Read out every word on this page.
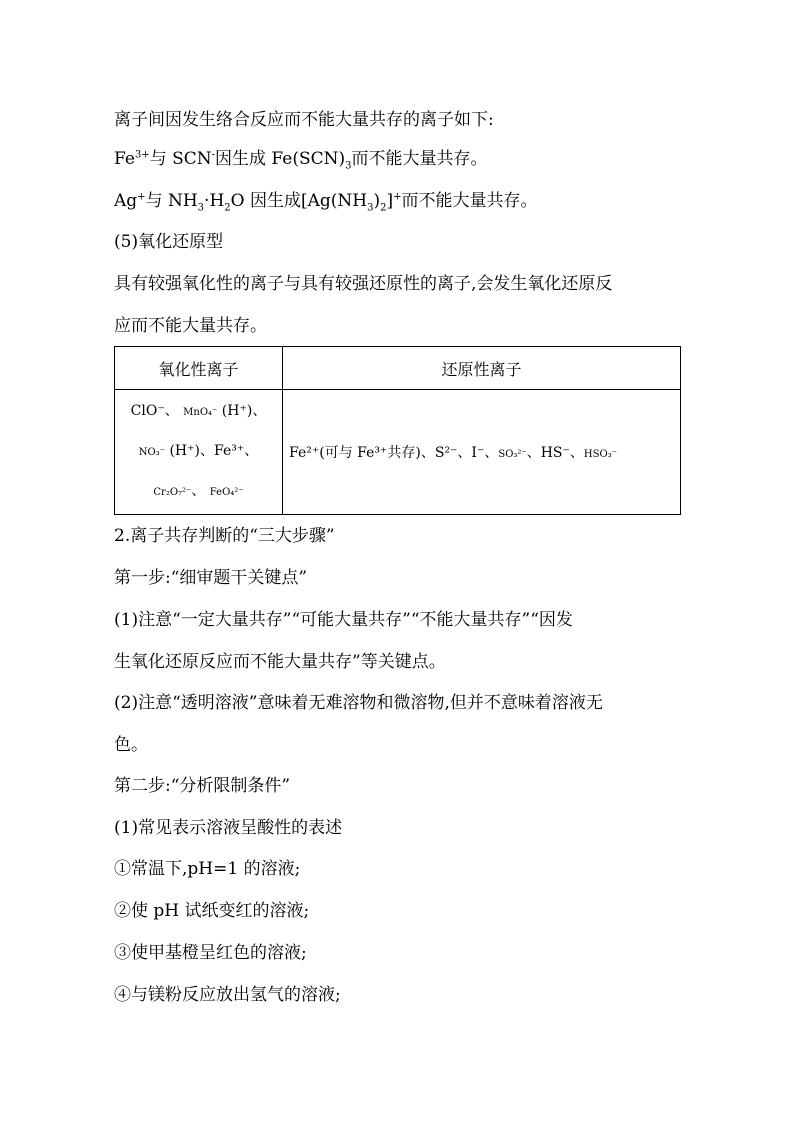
离子间因发生络合反应而不能大量共存的离子如下:
$Fe^{3+}$与 SCN-因生成 $Fe(SCN)_3$而不能大量共存。
Ag+与 $NH_3\cdot H_2O$ 因生成$[Ag(NH_3)_2]^+$而不能大量共存。
(5)氧化还原型
具有较强氧化性的离子与具有较强还原性的离子,会发生氧化还原反
应而不能大量共存。
氧化性离子	还原性离子

ClO⁻、 MnO₄⁻ (H⁺)、
NO₃⁻ (H⁺)、Fe³⁺、
Cr₂O₇²⁻、 FeO₄²⁻	Fe²⁺(可与 Fe³⁺共存)、S²⁻、I⁻、SO₃²⁻、HS⁻、HSO₃⁻
2.离子共存判断的“三大步骤”
第一步:“细审题干关键点”
(1)注意“一定大量共存”“可能大量共存”“不能大量共存”“因发
生氧化还原反应而不能大量共存”等关键点。
(2)注意“透明溶液”意味着无难溶物和微溶物,但并不意味着溶液无
色。
第二步:“分析限制条件”
(1)常见表示溶液呈酸性的表述
①常温下,pH=1 的溶液;
②使 pH 试纸变红的溶液;
③使甲基橙呈红色的溶液;
④与镁粉反应放出氢气的溶液;
